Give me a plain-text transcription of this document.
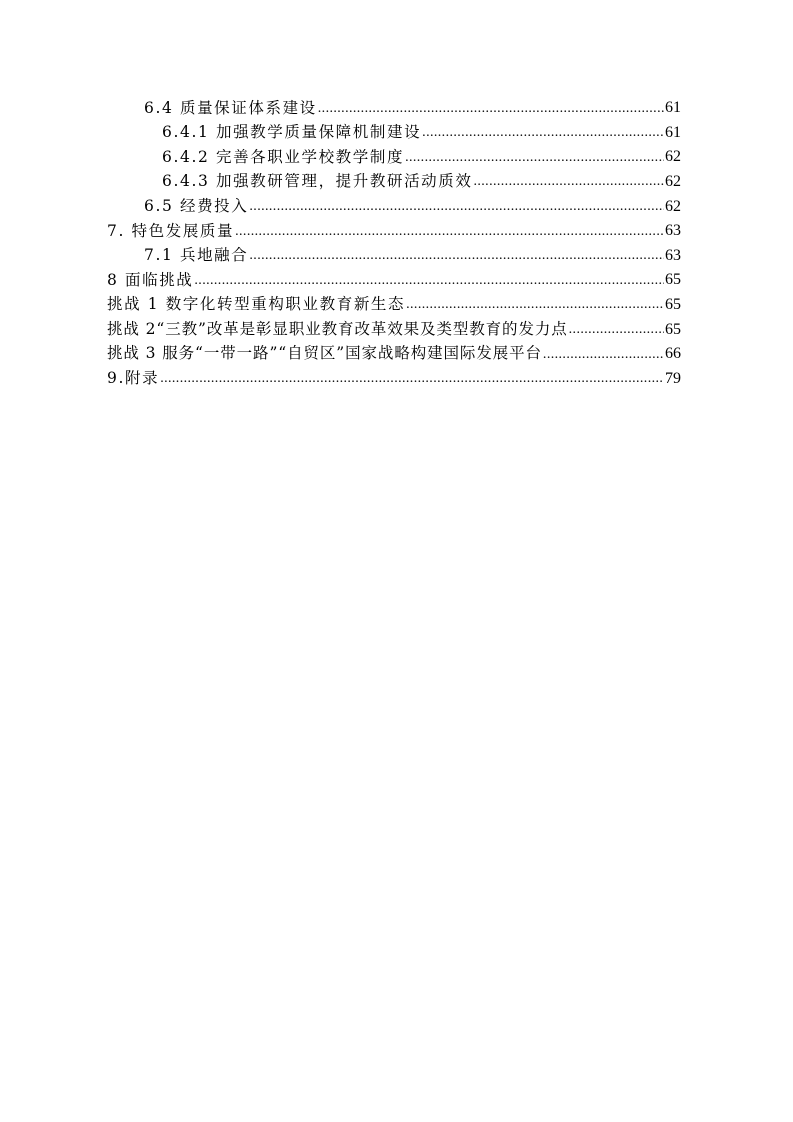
6.4 质量保证体系建设 .....	61
6.4.1 加强教学质量保障机制建设 .....	61
6.4.2 完善各职业学校教学制度 .....	62
6.4.3 加强教研管理，提升教研活动质效 .....	62
6.5 经费投入 .....	62
7. 特色发展质量 .....	63
7.1 兵地融合 .....	63
8 面临挑战 .....	65
挑战 1 数字化转型重构职业教育新生态 .....	65
挑战 2“三教”改革是彰显职业教育改革效果及类型教育的发力点 .....	65
挑战 3 服务“一带一路”“自贸区”国家战略构建国际发展平台 .....	66
9.附录 .....	79
